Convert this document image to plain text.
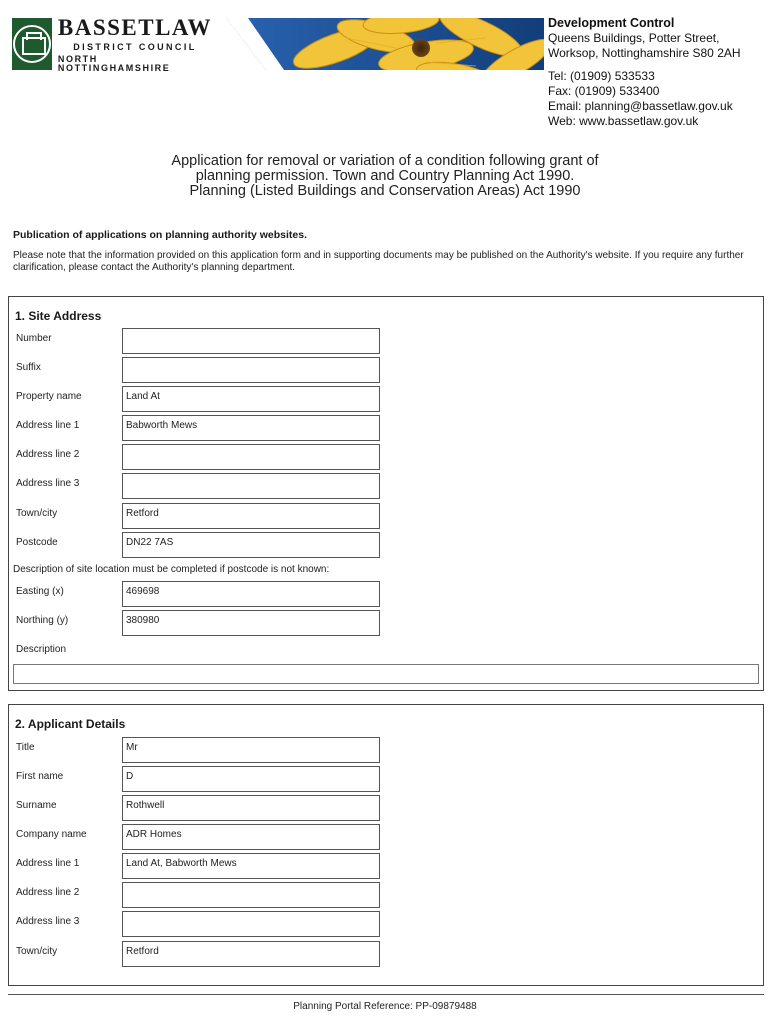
BASSETLAW
DISTRICT COUNCIL
NORTH NOTTINGHAMSHIRE
Development Control
Queens Buildings, Potter Street,
Worksop, Nottinghamshire S80 2AH
Tel: (01909) 533533
Fax: (01909) 533400
Email: planning@bassetlaw.gov.uk
Web: www.bassetlaw.gov.uk
Application for removal or variation of a condition following grant of
planning permission. Town and Country Planning Act 1990.
Planning (Listed Buildings and Conservation Areas) Act 1990
Publication of applications on planning authority websites.
Please note that the information provided on this application form and in supporting documents may be published on the Authority's website. If you require any further clarification, please contact the Authority's planning department.
1. Site Address
Number
Suffix
Property name	Land At
Address line 1	Babworth Mews
Address line 2
Address line 3
Town/city	Retford
Postcode	DN22 7AS
Description of site location must be completed if postcode is not known:
Easting (x)	469698
Northing (y)	380980
Description
2. Applicant Details
Title	Mr
First name	D
Surname	Rothwell
Company name	ADR Homes
Address line 1	Land At, Babworth Mews
Address line 2
Address line 3
Town/city	Retford
Planning Portal Reference: PP-09879488
